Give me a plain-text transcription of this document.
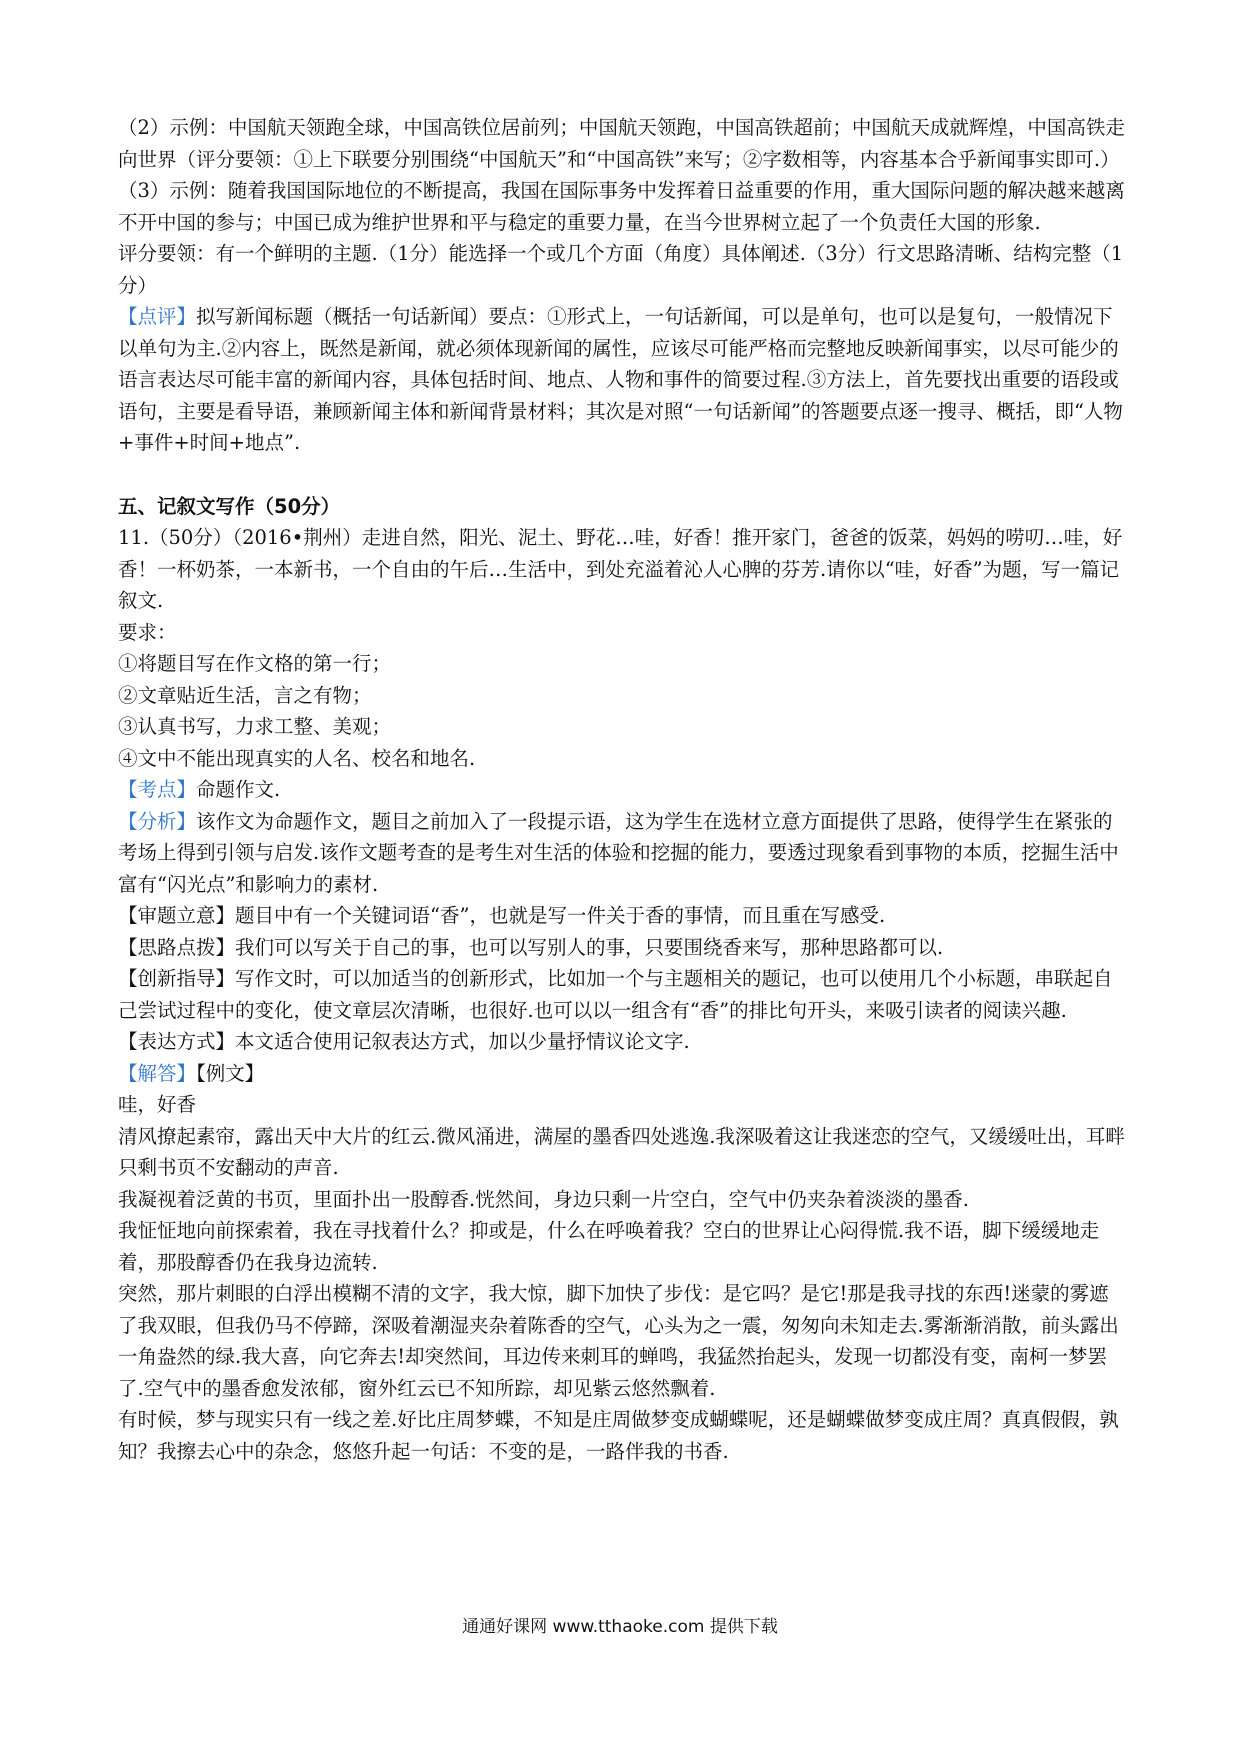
（2）示例：中国航天领跑全球，中国高铁位居前列；中国航天领跑，中国高铁超前；中国航天成就辉煌，中国高铁走向世界（评分要领：①上下联要分别围绕“中国航天”和“中国高铁”来写；②字数相等，内容基本合乎新闻事实即可.）

（3）示例：随着我国国际地位的不断提高，我国在国际事务中发挥着日益重要的作用，重大国际问题的解决越来越离不开中国的参与；中国已成为维护世界和平与稳定的重要力量，在当今世界树立起了一个负责任大国的形象.

评分要领：有一个鲜明的主题.（1分）能选择一个或几个方面（角度）具体阐述.（3分）行文思路清晰、结构完整（1分）

【点评】拟写新闻标题（概括一句话新闻）要点：①形式上，一句话新闻，可以是单句，也可以是复句，一般情况下以单句为主.②内容上，既然是新闻，就必须体现新闻的属性，应该尽可能严格而完整地反映新闻事实，以尽可能少的语言表达尽可能丰富的新闻内容，具体包括时间、地点、人物和事件的简要过程.③方法上，首先要找出重要的语段或语句，主要是看导语，兼顾新闻主体和新闻背景材料；其次是对照“一句话新闻”的答题要点逐一搜寻、概括，即“人物+事件+时间+地点”.

五、记叙文写作（50分）

11.（50分）（2016•荆州）走进自然，阳光、泥土、野花…哇，好香！推开家门，爸爸的饭菜，妈妈的唠叨…哇，好香！一杯奶茶，一本新书，一个自由的午后…生活中，到处充溢着沁人心脾的芬芳.请你以“哇，好香”为题，写一篇记叙文.

要求：

①将题目写在作文格的第一行；

②文章贴近生活，言之有物；

③认真书写，力求工整、美观；

④文中不能出现真实的人名、校名和地名.

【考点】命题作文.

【分析】该作文为命题作文，题目之前加入了一段提示语，这为学生在选材立意方面提供了思路，使得学生在紧张的考场上得到引领与启发.该作文题考查的是考生对生活的体验和挖掘的能力，要透过现象看到事物的本质，挖掘生活中富有“闪光点”和影响力的素材.

【审题立意】题目中有一个关键词语“香”，也就是写一件关于香的事情，而且重在写感受.

【思路点拨】我们可以写关于自己的事，也可以写别人的事，只要围绕香来写，那种思路都可以.

【创新指导】写作文时，可以加适当的创新形式，比如加一个与主题相关的题记，也可以使用几个小标题，串联起自己尝试过程中的变化，使文章层次清晰，也很好.也可以以一组含有“香”的排比句开头，来吸引读者的阅读兴趣.

【表达方式】本文适合使用记叙表达方式，加以少量抒情议论文字.

【解答】【例文】

哇，好香

清风撩起素帘，露出天中大片的红云.微风涌进，满屋的墨香四处逃逸.我深吸着这让我迷恋的空气，又缓缓吐出，耳畔只剩书页不安翻动的声音.

我凝视着泛黄的书页，里面扑出一股醇香.恍然间，身边只剩一片空白，空气中仍夹杂着淡淡的墨香.

我怔怔地向前探索着，我在寻找着什么？抑或是，什么在呼唤着我？空白的世界让心闷得慌.我不语，脚下缓缓地走着，那股醇香仍在我身边流转.

突然，那片刺眼的白浮出模糊不清的文字，我大惊，脚下加快了步伐：是它吗？是它!那是我寻找的东西!迷蒙的雾遮了我双眼，但我仍马不停蹄，深吸着潮湿夹杂着陈香的空气，心头为之一震，匆匆向未知走去.雾渐渐消散，前头露出一角盎然的绿.我大喜，向它奔去!却突然间，耳边传来刺耳的蝉鸣，我猛然抬起头，发现一切都没有变，南柯一梦罢了.空气中的墨香愈发浓郁，窗外红云已不知所踪，却见紫云悠然飘着.

有时候，梦与现实只有一线之差.好比庄周梦蝶，不知是庄周做梦变成蝴蝶呢，还是蝴蝶做梦变成庄周？真真假假，孰知？我擦去心中的杂念，悠悠升起一句话：不变的是，一路伴我的书香.

通通好课网 www.tthaoke.com 提供下载
